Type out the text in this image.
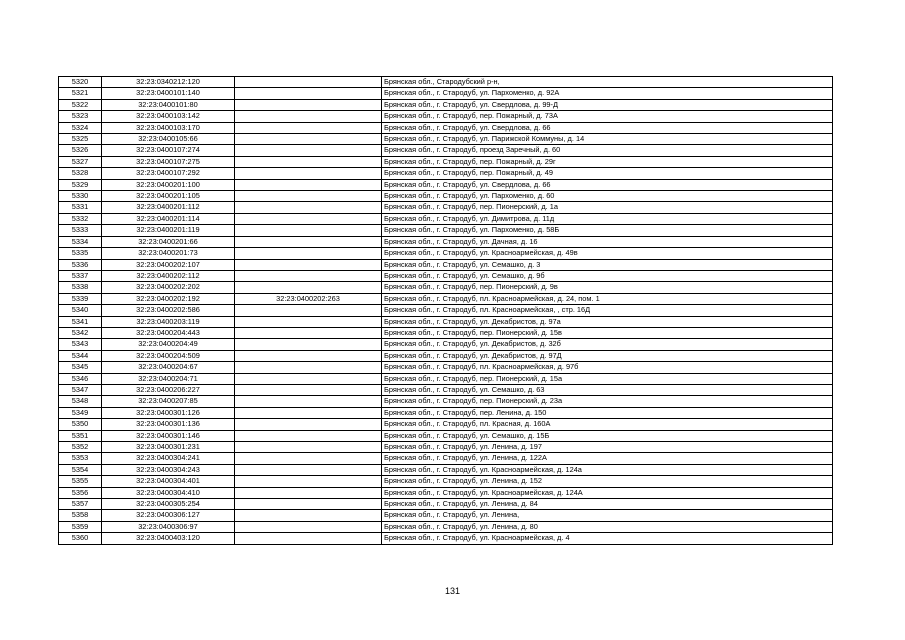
5320	32:23:0340212:120		Брянская обл., Стародубский р-н,
5321	32:23:0400101:140		Брянская обл., г. Стародуб, ул. Пархоменко, д. 92А
5322	32:23:0400101:80		Брянская обл., г. Стародуб, ул. Свердлова, д. 99-Д
5323	32:23:0400103:142		Брянская обл., г. Стародуб, пер. Пожарный, д. 73А
5324	32:23:0400103:170		Брянская обл., г. Стародуб, ул. Свердлова, д. 66
5325	32:23:0400105:66		Брянская обл., г. Стародуб, ул. Парижской Коммуны, д. 14
5326	32:23:0400107:274		Брянская обл., г. Стародуб, проезд Заречный, д. 60
5327	32:23:0400107:275		Брянская обл., г. Стародуб, пер. Пожарный, д. 29г
5328	32:23:0400107:292		Брянская обл., г. Стародуб, пер. Пожарный, д. 49
5329	32:23:0400201:100		Брянская обл., г. Стародуб, ул. Свердлова, д. 66
5330	32:23:0400201:105		Брянская обл., г. Стародуб, ул. Пархоменко, д. 60
5331	32:23:0400201:112		Брянская обл., г. Стародуб, пер. Пионерский, д. 1а
5332	32:23:0400201:114		Брянская обл., г. Стародуб, ул. Димитрова, д. 11д
5333	32:23:0400201:119		Брянская обл., г. Стародуб, ул. Пархоменко, д. 58Б
5334	32:23:0400201:66		Брянская обл., г. Стародуб, ул. Дачная, д. 16
5335	32:23:0400201:73		Брянская обл., г. Стародуб, ул. Красноармейская, д. 49в
5336	32:23:0400202:107		Брянская обл., г. Стародуб, ул. Семашко, д. 3
5337	32:23:0400202:112		Брянская обл., г. Стародуб, ул. Семашко, д. 9б
5338	32:23:0400202:202		Брянская обл., г. Стародуб, пер. Пионерский, д. 9в
5339	32:23:0400202:192	32:23:0400202:263	Брянская обл., г. Стародуб, пл. Красноармейская, д. 24, пом. 1
5340	32:23:0400202:586		Брянская обл., г. Стародуб, пл. Красноармейская, , стр. 16Д
5341	32:23:0400203:119		Брянская обл., г. Стародуб, ул. Декабристов, д. 97а
5342	32:23:0400204:443		Брянская обл., г. Стародуб, пер. Пионерский, д. 15в
5343	32:23:0400204:49		Брянская обл., г. Стародуб, ул. Декабристов, д. 32б
5344	32:23:0400204:509		Брянская обл., г. Стародуб, ул. Декабристов, д. 97Д
5345	32:23:0400204:67		Брянская обл., г. Стародуб, пл. Красноармейская, д. 97б
5346	32:23:0400204:71		Брянская обл., г. Стародуб, пер. Пионерский, д. 15а
5347	32:23:0400206:227		Брянская обл., г. Стародуб, ул. Семашко, д. 63
5348	32:23:0400207:85		Брянская обл., г. Стародуб, пер. Пионерский, д. 23а
5349	32:23:0400301:126		Брянская обл., г. Стародуб, пер. Ленина, д. 150
5350	32:23:0400301:136		Брянская обл., г. Стародуб, пл. Красная, д. 160А
5351	32:23:0400301:146		Брянская обл., г. Стародуб, ул. Семашко, д. 15Б
5352	32:23:0400301:231		Брянская обл., г. Стародуб, ул. Ленина, д. 197
5353	32:23:0400304:241		Брянская обл., г. Стародуб, ул. Ленина, д. 122А
5354	32:23:0400304:243		Брянская обл., г. Стародуб, ул. Красноармейская, д. 124а
5355	32:23:0400304:401		Брянская обл., г. Стародуб, ул. Ленина, д. 152
5356	32:23:0400304:410		Брянская обл., г. Стародуб, ул. Красноармейская, д. 124А
5357	32:23:0400305:254		Брянская обл., г. Стародуб, ул. Ленина, д. 84
5358	32:23:0400306:127		Брянская обл., г. Стародуб, ул. Ленина,
5359	32:23:0400306:97		Брянская обл., г. Стародуб, ул. Ленина, д. 80
5360	32:23:0400403:120		Брянская обл., г. Стародуб, ул. Красноармейская, д. 4
131
